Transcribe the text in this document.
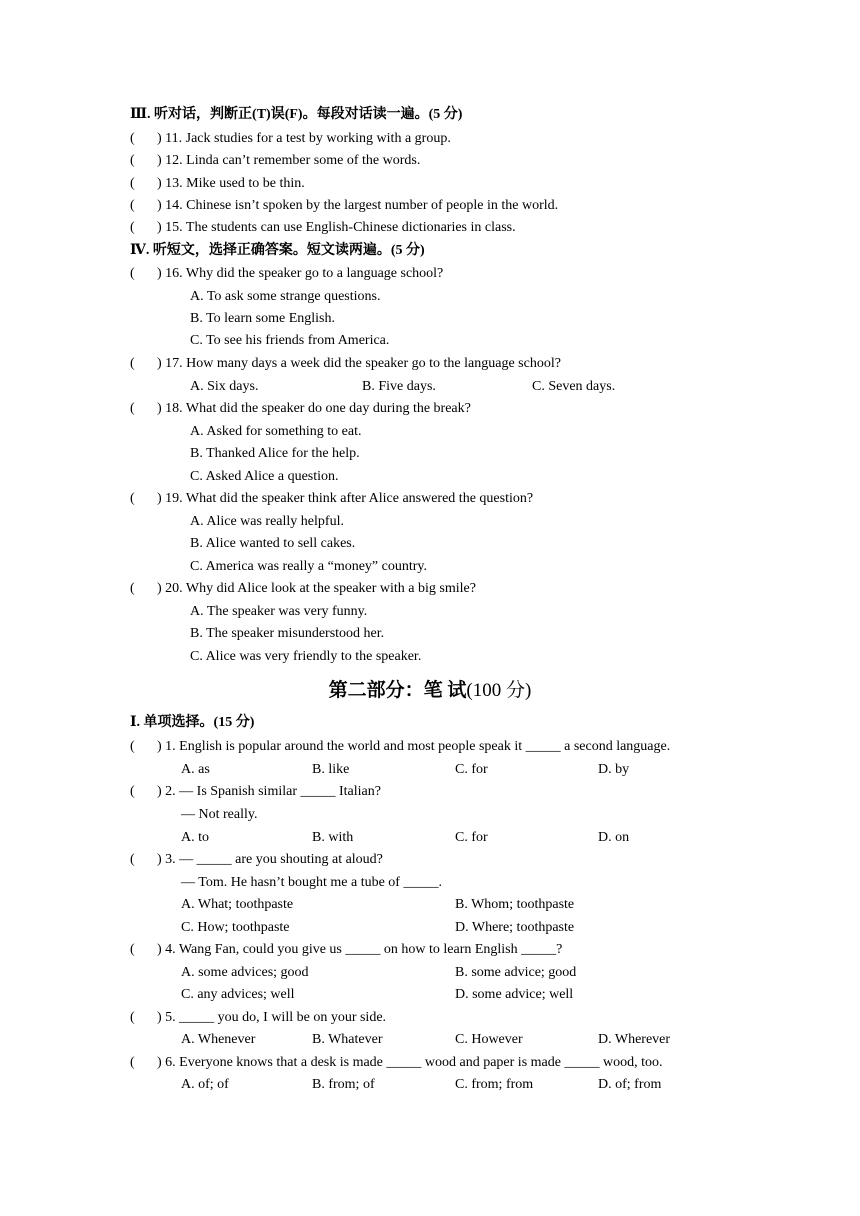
Ⅲ. 听对话，判断正(T)误(F)。每段对话读一遍。(5 分)
( ) 11. Jack studies for a test by working with a group.
( ) 12. Linda can’t remember some of the words.
( ) 13. Mike used to be thin.
( ) 14. Chinese isn’t spoken by the largest number of people in the world.
( ) 15. The students can use English-Chinese dictionaries in class.
Ⅳ. 听短文，选择正确答案。短文读两遍。(5 分)
( ) 16. Why did the speaker go to a language school?
A. To ask some strange questions.
B. To learn some English.
C. To see his friends from America.
( ) 17. How many days a week did the speaker go to the language school?
A. Six days.	B. Five days.	C. Seven days.
( ) 18. What did the speaker do one day during the break?
A. Asked for something to eat.
B. Thanked Alice for the help.
C. Asked Alice a question.
( ) 19. What did the speaker think after Alice answered the question?
A. Alice was really helpful.
B. Alice wanted to sell cakes.
C. America was really a “money” country.
( ) 20. Why did Alice look at the speaker with a big smile?
A. The speaker was very funny.
B. The speaker misunderstood her.
C. Alice was very friendly to the speaker.
第二部分：笔 试(100 分)
Ⅰ. 单项选择。(15 分)
( ) 1. English is popular around the world and most people speak it _____ a second language.
A. as	B. like	C. for	D. by
( ) 2. — Is Spanish similar _____ Italian?
— Not really.
A. to	B. with	C. for	D. on
( ) 3. — _____ are you shouting at aloud?
— Tom. He hasn’t bought me a tube of _____.
A. What; toothpaste	B. Whom; toothpaste
C. How; toothpaste	D. Where; toothpaste
( ) 4. Wang Fan, could you give us _____ on how to learn English _____?
A. some advices; good	B. some advice; good
C. any advices; well	D. some advice; well
( ) 5. _____ you do, I will be on your side.
A. Whenever	B. Whatever	C. However	D. Wherever
( ) 6. Everyone knows that a desk is made _____ wood and paper is made _____ wood, too.
A. of; of	B. from; of	C. from; from	D. of; from
